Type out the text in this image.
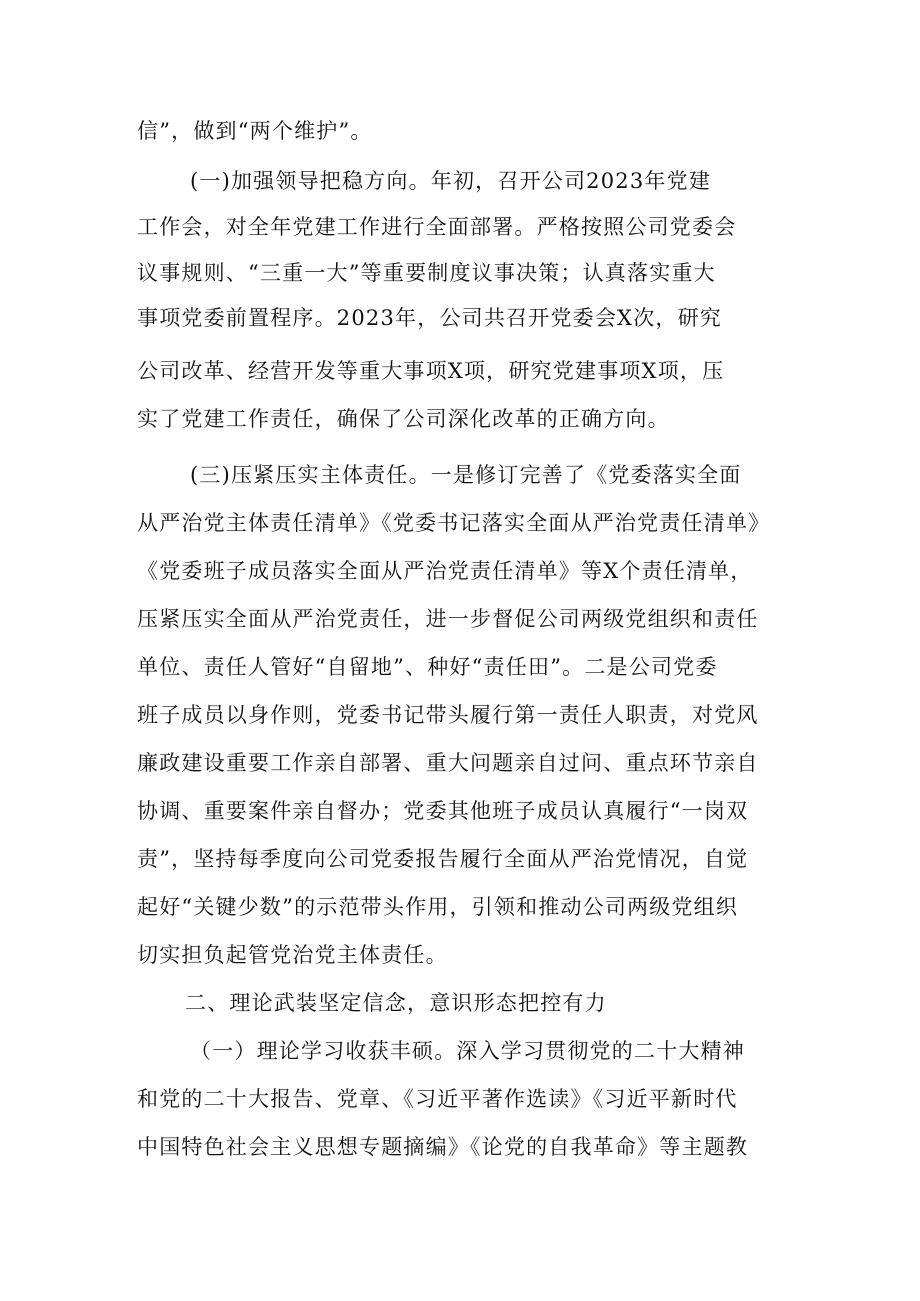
信”，做到“两个维护”。
(一)加强领导把稳方向。年初，召开公司2023年党建
工作会，对全年党建工作进行全面部署。严格按照公司党委会
议事规则、“三重一大”等重要制度议事决策；认真落实重大
事项党委前置程序。2023年，公司共召开党委会X次，研究
公司改革、经营开发等重大事项X项，研究党建事项X项，压
实了党建工作责任，确保了公司深化改革的正确方向。
(三)压紧压实主体责任。一是修订完善了《党委落实全面
从严治党主体责任清单》《党委书记落实全面从严治党责任清单》
《党委班子成员落实全面从严治党责任清单》等X个责任清单，
压紧压实全面从严治党责任，进一步督促公司两级党组织和责任
单位、责任人管好“自留地”、种好“责任田”。二是公司党委
班子成员以身作则，党委书记带头履行第一责任人职责，对党风
廉政建设重要工作亲自部署、重大问题亲自过问、重点环节亲自
协调、重要案件亲自督办；党委其他班子成员认真履行“一岗双
责”，坚持每季度向公司党委报告履行全面从严治党情况，自觉
起好“关键少数”的示范带头作用，引领和推动公司两级党组织
切实担负起管党治党主体责任。
二、理论武装坚定信念，意识形态把控有力
（一）理论学习收获丰硕。深入学习贯彻党的二十大精神
和党的二十大报告、党章、《习近平著作选读》《习近平新时代
中国特色社会主义思想专题摘编》《论党的自我革命》等主题教
